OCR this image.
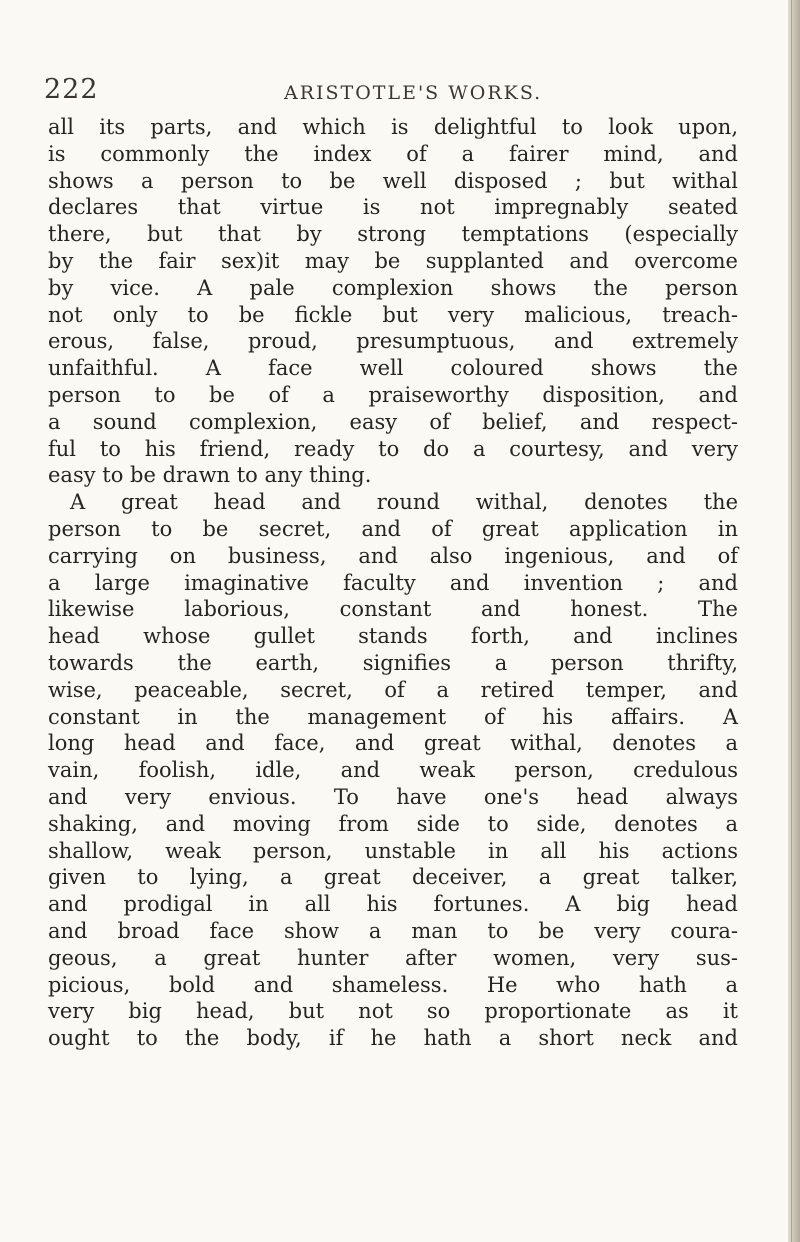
222	ARISTOTLE'S WORKS.
all its parts, and which is delightful to look upon,
is commonly the index of a fairer mind, and
shows a person to be well disposed ; but withal
declares that virtue is not impregnably seated
there, but that by strong temptations (especially
by the fair sex)it may be supplanted and overcome
by vice. A pale complexion shows the person
not only to be fickle but very malicious, treach-
erous, false, proud, presumptuous, and extremely
unfaithful. A face well coloured shows the
person to be of a praiseworthy disposition, and
a sound complexion, easy of belief, and respect-
ful to his friend, ready to do a courtesy, and very
easy to be drawn to any thing.
A great head and round withal, denotes the
person to be secret, and of great application in
carrying on business, and also ingenious, and of
a large imaginative faculty and invention ; and
likewise laborious, constant and honest. The
head whose gullet stands forth, and inclines
towards the earth, signifies a person thrifty,
wise, peaceable, secret, of a retired temper, and
constant in the management of his affairs. A
long head and face, and great withal, denotes a
vain, foolish, idle, and weak person, credulous
and very envious. To have one's head always
shaking, and moving from side to side, denotes a
shallow, weak person, unstable in all his actions
given to lying, a great deceiver, a great talker,
and prodigal in all his fortunes. A big head
and broad face show a man to be very coura-
geous, a great hunter after women, very sus-
picious, bold and shameless. He who hath a
very big head, but not so proportionate as it
ought to the body, if he hath a short neck and
